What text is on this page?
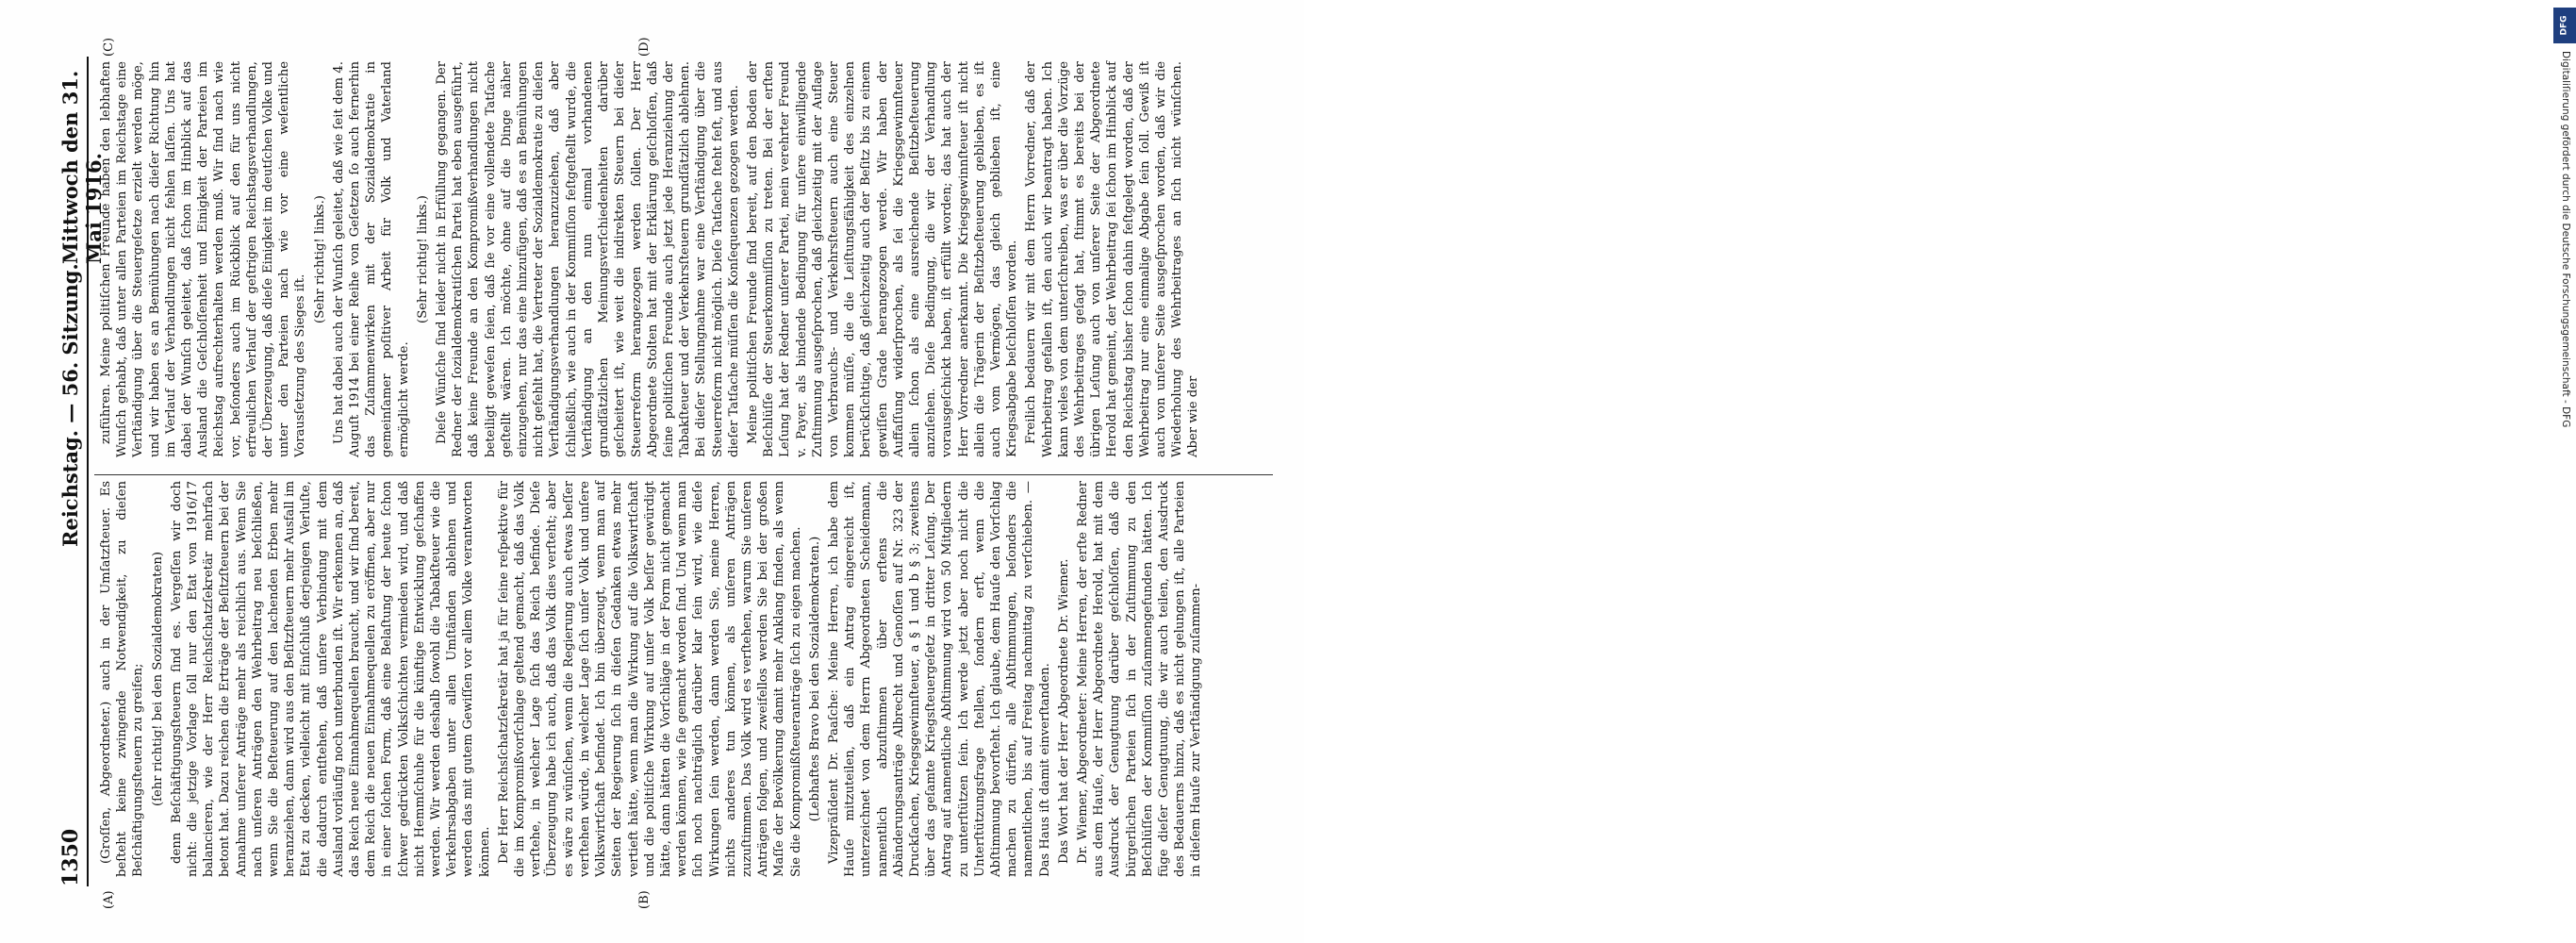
1350
Reichstag. — 56. Sitzung.
Mittwoch den 31. Mai 1916.
(A)	(B)
(C)	(D)

(Groſſen, Abgeordneter.) auch in der Umſatzſteuer. Es beſteht keine zwingende Notwendigkeit, zu dieſen Beſchäftigungsſteuern zu greifen; (ſehr richtig! bei den Sozialdemokraten) denn Beſchäftigungsſteuern ſind es. Vergeſſen wir doch nicht: die jetzige Vorlage ſoll nur den Etat von 1916/17 balancieren, wie der Herr Reichsſchatzſekretär mehrfach betont hat. Dazu reichen die Erträge der Beſitzſteuern bei der Annahme unſerer Anträge mehr als reichlich aus. Wenn Sie nach unſeren Anträgen den Wehrbeitrag neu beſchließen, wenn Sie die Beſteuerung auf den lachenden Erben mehr heranziehen, dann wird aus den Beſitzſteuern mehr Ausfall im Etat zu decken, vielleicht mit Einſchluß derjenigen Verluſte, die dadurch entſtehen, daß unſere Verbindung mit dem Ausland vorläufig noch unterbunden iſt. Wir erkennen an, daß das Reich neue Einnahmequellen braucht, und wir ſind bereit, dem Reich die neuen Einnahmequellen zu eröffnen, aber nur in einer ſolchen Form, daß eine Belaſtung der heute ſchon ſchwer gedrückten Volksſchichten vermieden wird, und daß nicht Hemmſchuhe für die künftige Entwicklung geſchaffen werden. Wir werden deshalb ſowohl die Tabakſteuer wie die Verkehrsabgaben unter allen Umſtänden ablehnen und werden das mit gutem Gewiſſen vor allem Volke verantworten können. Der Herr Reichsſchatzſekretär hat ja für ſeine reſpektive für die im Kompromißvorſchlage geltend gemacht, daß das Volk verſtehe, in welcher Lage ſich das Reich befinde. Dieſe Überzeugung habe ich auch, daß das Volk dies verſteht; aber es wäre zu wünſchen, wenn die Regierung auch etwas beſſer verſtehen würde, in welcher Lage ſich unſer Volk und unſere Volkswirtſchaft befindet. Ich bin überzeugt, wenn man auf Seiten der Regierung ſich in dieſen Gedanken etwas mehr vertieft hätte, wenn man die Wirkung auf die Volkswirtſchaft und die politiſche Wirkung auf unſer Volk beſſer gewürdigt hätte, dann hätten die Vorſchläge in der Form nicht gemacht werden können, wie ſie gemacht worden ſind. Und wenn man ſich noch nachträglich darüber klar ſein wird, wie dieſe Wirkungen ſein werden, dann werden Sie, meine Herren, nichts anderes tun können, als unſeren Anträgen zuzuſtimmen. Das Volk wird es verſtehen, warum Sie unſeren Anträgen folgen, und zweifellos werden Sie bei der großen Maſſe der Bevölkerung damit mehr Anklang finden, als wenn Sie die Kompromißſteueranträge ſich zu eigen machen. (Lebhaftes Bravo bei den Sozialdemokraten.) Vizepräſident Dr. Paaſche: Meine Herren, ich habe dem Hauſe mitzuteilen, daß ein Antrag eingereicht iſt, unterzeichnet von dem Herrn Abgeordneten Scheidemann, namentlich abzuſtimmen über erſtens die Abänderungsanträge Albrecht und Genoſſen auf Nr. 323 der Druckſachen, Kriegsgewinnſteuer, a § 1 und b § 3; zweitens über das geſamte Kriegsſteuergeſetz in dritter Leſung. Der Antrag auf namentliche Abſtimmung wird von 50 Mitgliedern zu unterſtützen ſein. Ich werde jetzt aber noch nicht die Unterſtützungsfrage ſtellen, ſondern erſt, wenn die Abſtimmung bevorſteht. Ich glaube, dem Hauſe den Vorſchlag machen zu dürfen, alle Abſtimmungen, beſonders die namentlichen, bis auf Freitag nachmittag zu verſchieben. — Das Haus iſt damit einverſtanden. Das Wort hat der Herr Abgeordnete Dr. Wiemer. Dr. Wiemer, Abgeordneter: Meine Herren, der erſte Redner aus dem Hauſe, der Herr Abgeordnete Herold, hat mit dem Ausdruck der Genugtuung darüber geſchloſſen, daß die bürgerlichen Parteien ſich in der Zuſtimmung zu den Beſchlüſſen der Kommiſſion zuſammengefunden hätten. Ich füge dieſer Genugtuung, die wir auch teilen, den Ausdruck des Bedauerns hinzu, daß es nicht gelungen iſt, alle Parteien in dieſem Hauſe zur Verſtändigung zuſammen-

zuführen. Meine politiſchen Freunde haben den lebhaften Wunſch gehabt, daß unter allen Parteien im Reichstage eine Verſtändigung über die Steuergeſetze erzielt werden möge, und wir haben es an Bemühungen nach dieſer Richtung hin im Verlauf der Verhandlungen nicht fehlen laſſen. Uns hat dabei der Wunſch geleitet, daß ſchon im Hinblick auf das Ausland die Geſchloſſenheit und Einigkeit der Parteien im Reichstag aufrechterhalten werden muß. Wir ſind nach wie vor, beſonders auch im Rückblick auf den für uns nicht erfreulichen Verlauf der geſtrigen Reichstagsverhandlungen, der Überzeugung, daß dieſe Einigkeit im deutſchen Volke und unter den Parteien nach wie vor eine weſentliche Vorausſetzung des Sieges iſt.

(Sehr richtig! links.) Uns hat dabei auch der Wunſch geleitet, daß wie ſeit dem 4. Auguſt 1914 bei einer Reihe von Geſetzen ſo auch fernerhin das Zuſammenwirken mit der Sozialdemokratie in gemeinſamer poſitiver Arbeit für Volk und Vaterland ermöglicht werde.

(Sehr richtig! links.) Dieſe Wünſche ſind leider nicht in Erfüllung gegangen. Der Redner der ſozialdemokratiſchen Partei hat eben ausgeführt, daß keine Freunde an den Kompromißverhandlungen nicht beteiligt geweſen ſeien, daß ſie vor eine vollendete Tatſache geſtellt wären. Ich möchte, ohne auf die Dinge näher einzugehen, nur das eine hinzufügen, daß es an Bemühungen nicht gefehlt hat, die Vertreter der Sozialdemokratie zu dieſen Verſtändigungsverhandlungen heranzuziehen, daß aber ſchließlich, wie auch in der Kommiſſion feſtgeſtellt wurde, die Verſtändigung an den nun einmal vorhandenen grundſätzlichen Meinungsverſchiedenheiten darüber geſcheitert iſt, wie weit die indirekten Steuern bei dieſer Steuerreform herangezogen werden ſollen. Der Herr Abgeordnete Stolten hat mit der Erklärung geſchloſſen, daß ſeine politiſchen Freunde auch jetzt jede Heranziehung der Tabakſteuer und der Verkehrsſteuern grundſätzlich ablehnen. Bei dieſer Stellungnahme war eine Verſtändigung über die Steuerreform nicht möglich. Dieſe Tatſache ſteht feſt, und aus dieſer Tatſache müſſen die Konſequenzen gezogen werden. Meine politiſchen Freunde ſind bereit, auf den Boden der Beſchlüſſe der Steuerkommiſſion zu treten. Bei der erſten Leſung hat der Redner unſerer Partei, mein verehrter Freund v. Payer, als bindende Bedingung für unſere einwilligende Zuſtimmung ausgeſprochen, daß gleichzeitig mit der Auflage von Verbrauchs- und Verkehrsſteuern auch eine Steuer kommen müſſe, die die Leiſtungsfähigkeit des einzelnen berückſichtige, daß gleichzeitig auch der Beſitz bis zu einem gewiſſen Grade herangezogen werde. Wir haben der Auffaſſung widerſprochen, als ſei die Kriegsgewinnſteuer allein ſchon als eine ausreichende Beſitzbeſteuerung anzuſehen. Dieſe Bedingung, die wir der Verhandlung vorausgeſchickt haben, iſt erfüllt worden; das hat auch der Herr Vorredner anerkannt. Die Kriegsgewinnſteuer iſt nicht allein die Trägerin der Beſitzbeſteuerung geblieben, es iſt auch vom Vermögen, das gleich geblieben iſt, eine Kriegsabgabe beſchloſſen worden. Freilich bedauern wir mit dem Herrn Vorredner, daß der Wehrbeitrag gefallen iſt, den auch wir beantragt haben. Ich kann vieles von dem unterſchreiben, was er über die Vorzüge des Wehrbeitrages geſagt hat, ſtimmt es bereits bei der übrigen Leſung auch von unſerer Seite der Abgeordnete Herold hat gemeint, der Wehrbeitrag ſei ſchon im Hinblick auf den Reichstag bisher ſchon dahin feſtgelegt worden, daß der Wehrbeitrag nur eine einmalige Abgabe ſein ſoll. Gewiß iſt auch von unſerer Seite ausgeſprochen worden, daß wir die Wiederholung des Wehrbeitrages an ſich nicht wünſchen. Aber wie der

DFG
Digitaliſierung gefördert durch die Deutsche Forschungsgemeinschaft - DFG
